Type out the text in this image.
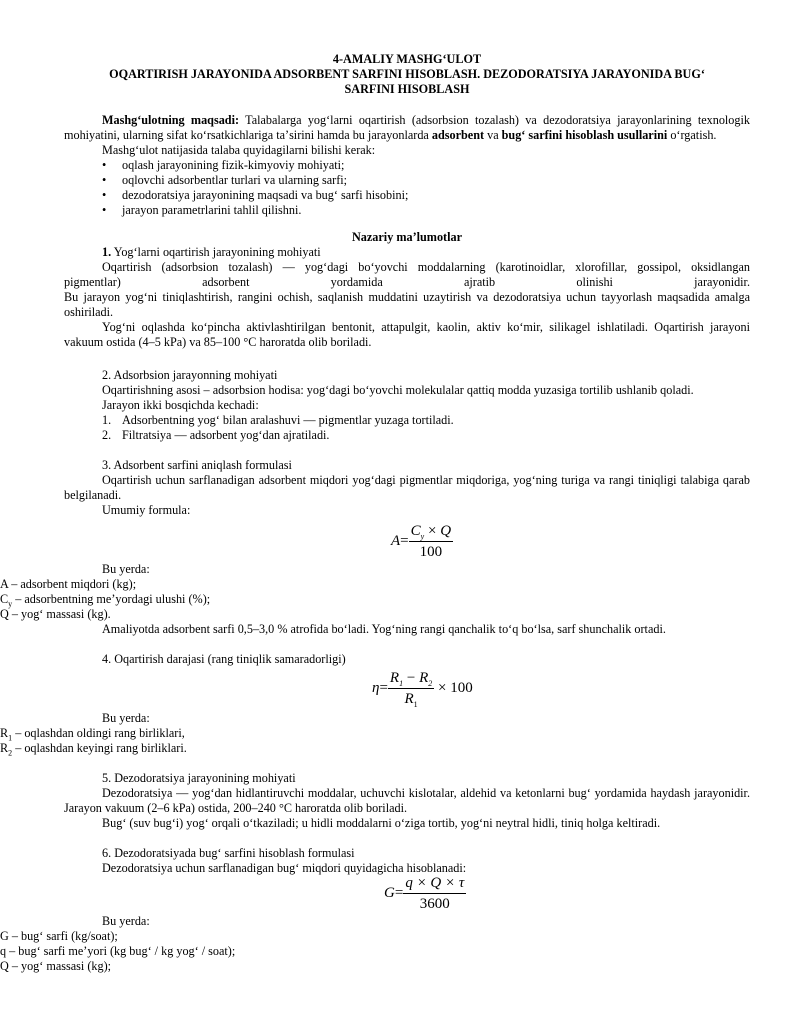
4-AMALIY MASHGʻULOT

OQARTIRISH JARAYONIDA ADSORBENT SARFINI HISOBLASH. DEZODORATSIYA JARAYONIDA BUGʻ

SARFINI HISOBLASH

Mashgʻulotning maqsadi: Talabalarga yogʻlarni oqartirish (adsorbsion tozalash) va dezodoratsiya jarayonlarining texnologik mohiyatini, ularning sifat koʻrsatkichlariga taʼsirini hamda bu jarayonlarda adsorbent va bugʻ sarfini hisoblash usullarini oʻrgatish.

Mashgʻulot natijasida talaba quyidagilarni bilishi kerak:

•	oqlash jarayonining fizik-kimyoviy mohiyati;
•	oqlovchi adsorbentlar turlari va ularning sarfi;
•	dezodoratsiya jarayonining maqsadi va bugʻ sarfi hisobini;
•	jarayon parametrlarini tahlil qilishni.

Nazariy maʼlumotlar

1. Yogʻlarni oqartirish jarayonining mohiyati

Oqartirish (adsorbsion tozalash) — yogʻdagi boʻyovchi moddalarning (karotinoidlar, xlorofillar, gossipol, oksidlangan

pigmentlar) adsorbent yordamida ajratib olinishi jarayonidir.

Bu jarayon yogʻni tiniqlashtirish, rangini ochish, saqlanish muddatini uzaytirish va dezodoratsiya uchun tayyorlash maqsadida amalga oshiriladi.

Yogʻni oqlashda koʻpincha aktivlashtirilgan bentonit, attapulgit, kaolin, aktiv koʻmir, silikagel ishlatiladi. Oqartirish jarayoni vakuum ostida (4–5 kPa) va 85–100 °C haroratda olib boriladi.

2. Adsorbsion jarayonning mohiyati

Oqartirishning asosi – adsorbsion hodisa: yogʻdagi boʻyovchi molekulalar qattiq modda yuzasiga tortilib ushlanib qoladi.

Jarayon ikki bosqichda kechadi:

1. Adsorbentning yogʻ bilan aralashuvi — pigmentlar yuzaga tortiladi.
2. Filtratsiya — adsorbent yogʻdan ajratiladi.

3. Adsorbent sarfini aniqlash formulasi

Oqartirish uchun sarflanadigan adsorbent miqdori yogʻdagi pigmentlar miqdoriga, yogʻning turiga va rangi tiniqligi talabiga qarab belgilanadi.

Umumiy formula:

$A= \frac{C_y \times Q}{100}$

Bu yerda:

A – adsorbent miqdori (kg);

$C_y$ – adsorbentning meʼyordagi ulushi (%);

Q – yogʻ massasi (kg).

Amaliyotda adsorbent sarfi 0,5–3,0 % atrofida boʻladi. Yogʻning rangi qanchalik toʻq boʻlsa, sarf shunchalik ortadi.

4. Oqartirish darajasi (rang tiniqlik samaradorligi)

$\eta= \frac{R_1 - R_2}{R_1} \times 100$

Bu yerda:

$R_1$ – oqlashdan oldingi rang birliklari,

$R_2$ – oqlashdan keyingi rang birliklari.

5. Dezodoratsiya jarayonining mohiyati

Dezodoratsiya — yogʻdan hidlantiruvchi moddalar, uchuvchi kislotalar, aldehid va ketonlarni bugʻ yordamida haydash jarayonidir. Jarayon vakuum (2–6 kPa) ostida, 200–240 °C haroratda olib boriladi.

Bugʻ (suv bugʻi) yogʻ orqali oʻtkaziladi; u hidli moddalarni oʻziga tortib, yogʻni neytral hidli, tiniq holga keltiradi.

6. Dezodoratsiyada bugʻ sarfini hisoblash formulasi

Dezodoratsiya uchun sarflanadigan bugʻ miqdori quyidagicha hisoblanadi:

$G= \frac{q \times Q \times \tau}{3600}$

Bu yerda:

G – bugʻ sarfi (kg/soat);

q – bugʻ sarfi meʼyori (kg bugʻ / kg yogʻ / soat);

Q – yogʻ massasi (kg);
